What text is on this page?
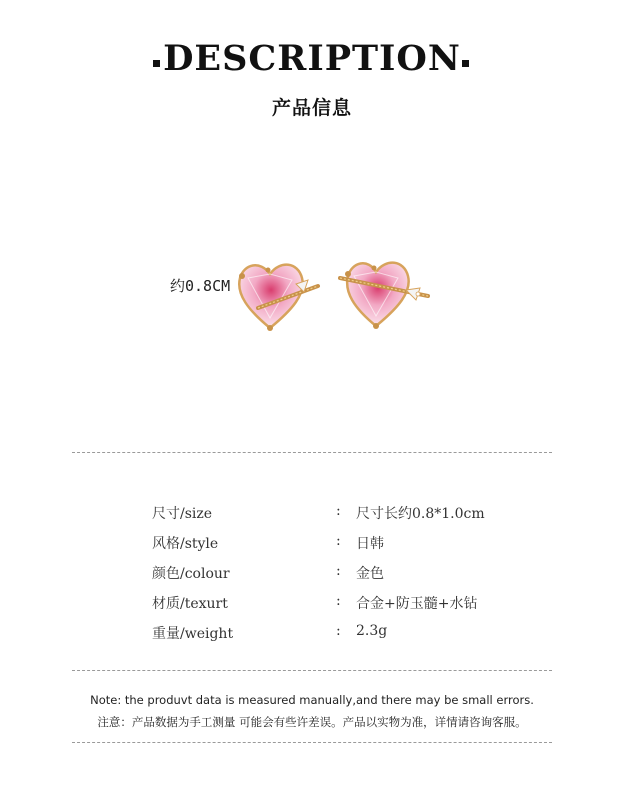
DESCRIPTION
产品信息
约0.8CM
尺寸/size	: 尺寸长约0.8*1.0cm
风格/style	: 日韩
颜色/colour	: 金色
材质/texurt	: 合金+防玉髓+水钻
重量/weight	: 2.3g
Note: the produvt data is measured manually,and there may be small errors.
注意：产品数据为手工测量 可能会有些许差误。产品以实物为准，详情请咨询客服。
